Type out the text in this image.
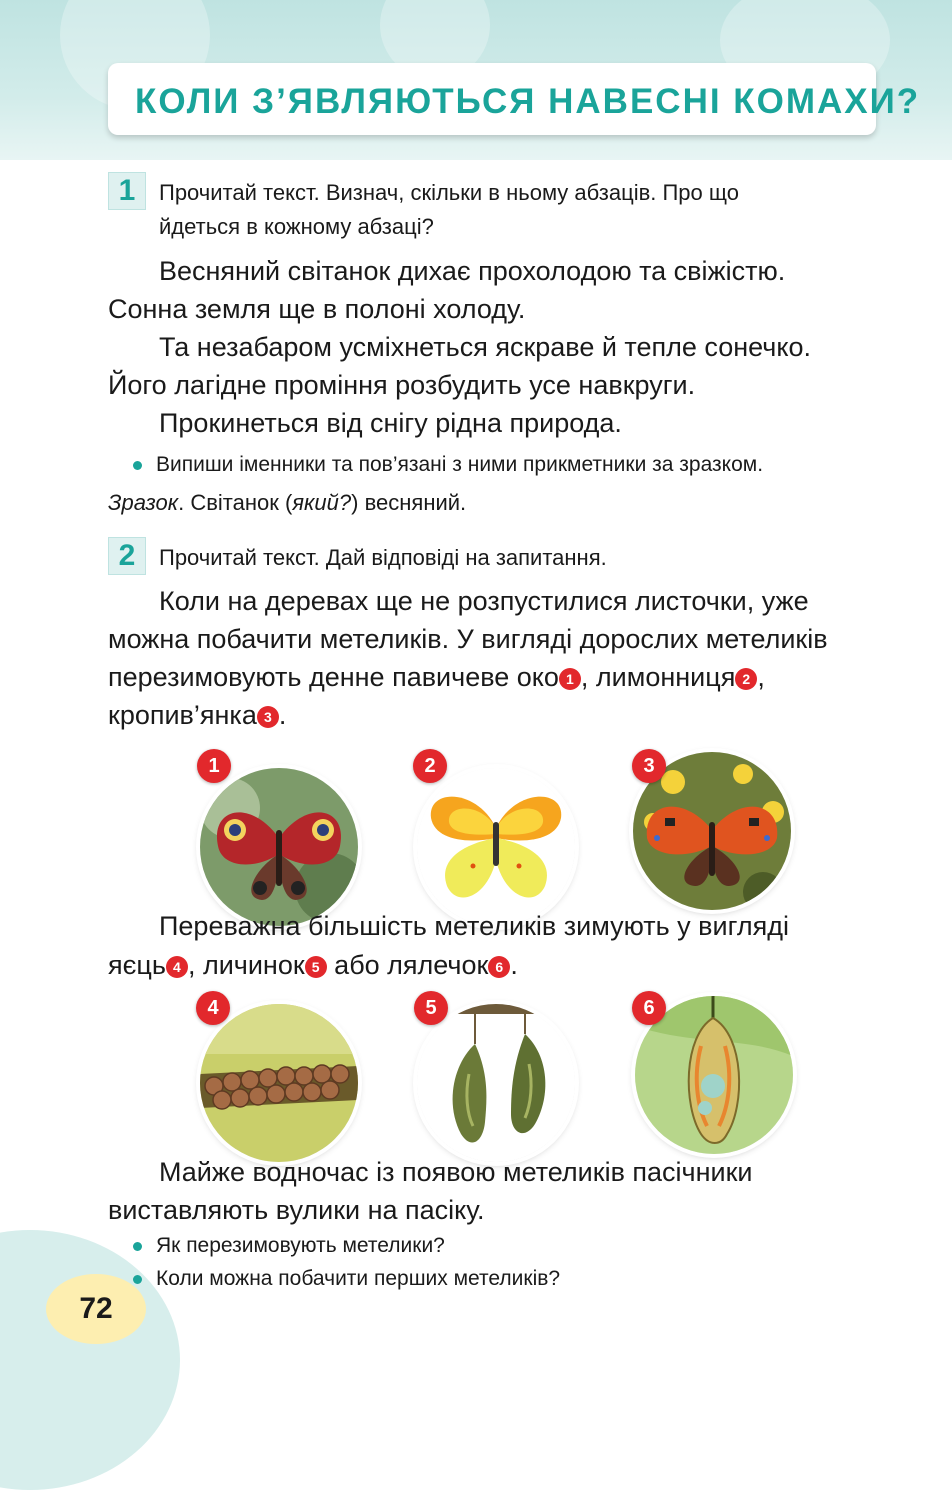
КОЛИ З’ЯВЛЯЮТЬСЯ НАВЕСНІ КОМАХИ?
1	Прочитай текст. Визнач, скільки в ньому абзаців. Про що
йдеться в кожному абзаці?
Весняний світанок дихає прохолодою та свіжістю.
Сонна земля ще в полоні холоду.
Та незабаром усміхнеться яскраве й тепле сонечко.
Його лагідне проміння розбудить усе навкруги.
Прокинеться від снігу рідна природа.
Випиши іменники та пов’язані з ними прикметники за зразком.
Зразок. Світанок (який?) весняний.
2	Прочитай текст. Дай відповіді на запитання.
Коли на деревах ще не розпустилися листочки, уже
можна побачити метеликів. У вигляді дорослих метеликів
перезимовують денне павичеве око 1 , лимонниця 2 ,
кропив’янка 3 .
1	2	3
Переважна більшість метеликів зимують у вигляді
яєць 4 , личинок 5 або лялечок 6 .
4	5	6
Майже водночас із появою метеликів пасічники
виставляють вулики на пасіку.
Як перезимовують метелики?
Коли можна побачити перших метеликів?
72
